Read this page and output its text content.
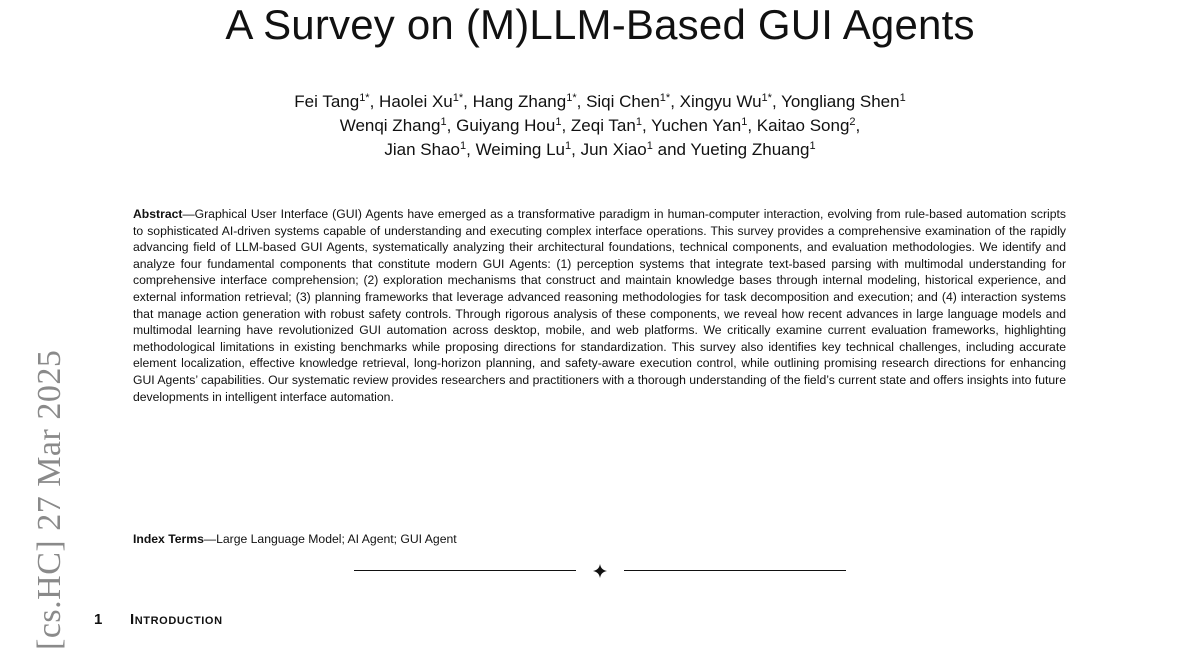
A Survey on (M)LLM-Based GUI Agents
Fei Tang$^{1*}$, Haolei $Xu^{1*}$, Hang Zhang$^{1*}$, Siqi Chen$^{1*}$, Xingyu $Wu^{1*}$, Yongliang Shen$^1$
Wenqi Zhang$^1$, Guiyang Hou$^1$, Zeqi Tan$^1$, Yuchen Yan$^1$, Kaitao Song$^2$,
Jian Shao$^1$, Weiming Lu$^1$, Jun Xiao$^1$ and Yueting Zhuang$^1$

Abstract—Graphical User Interface (GUI) Agents have emerged as a transformative paradigm in human-computer interaction, evolving from rule-based automation scripts to sophisticated AI-driven systems capable of understanding and executing complex interface operations. This survey provides a comprehensive examination of the rapidly advancing field of LLM-based GUI Agents, systematically analyzing their architectural foundations, technical components, and evaluation methodologies. We identify and analyze four fundamental components that constitute modern GUI Agents: (1) perception systems that integrate text-based parsing with multimodal understanding for comprehensive interface comprehension; (2) exploration mechanisms that construct and maintain knowledge bases through internal modeling, historical experience, and external information retrieval; (3) planning frameworks that leverage advanced reasoning methodologies for task decomposition and execution; and (4) interaction systems that manage action generation with robust safety controls. Through rigorous analysis of these components, we reveal how recent advances in large language models and multimodal learning have revolutionized GUI automation across desktop, mobile, and web platforms. We critically examine current evaluation frameworks, highlighting methodological limitations in existing benchmarks while proposing directions for standardization. This survey also identifies key technical challenges, including accurate element localization, effective knowledge retrieval, long-horizon planning, and safety-aware execution control, while outlining promising research directions for enhancing GUI Agents’ capabilities. Our systematic review provides researchers and practitioners with a thorough understanding of the field’s current state and offers insights into future developments in intelligent interface automation.

Index Terms—Large Language Model; AI Agent; GUI Agent

1 Introduction
[cs.HC] 27 Mar 2025
